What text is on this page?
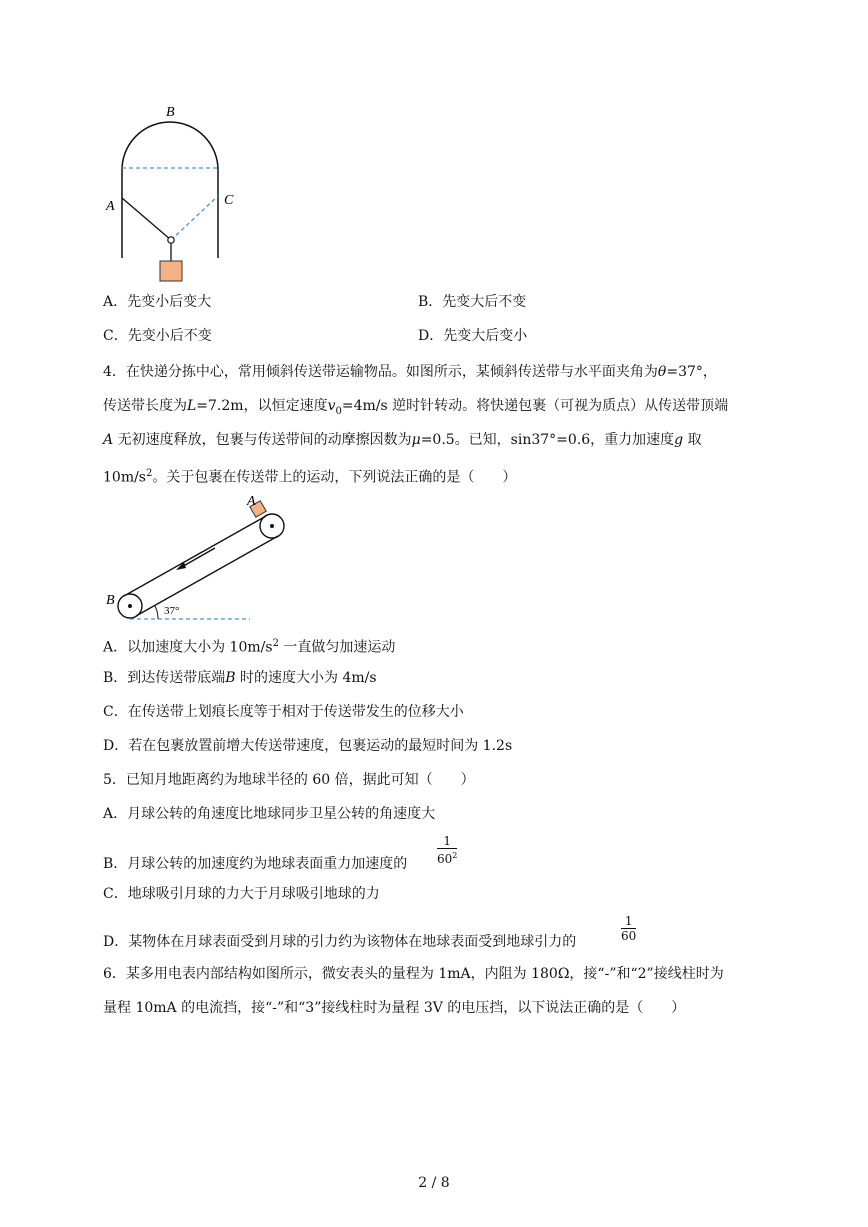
B
A	C
A．先变小后变大	B．先变大后不变
C．先变小后不变	D．先变大后变小
4．在快递分拣中心，常用倾斜传送带运输物品。如图所示，某倾斜传送带与水平面夹角为θ=37°，
传送带长度为L=7.2m，以恒定速度$v_0=4m/s$ 逆时针转动。将快递包裹（可视为质点）从传送带顶端
A 无初速度释放，包裹与传送带间的动摩擦因数为μ=0.5。已知，sin37°=0.6，重力加速度g 取
$10m/s^2$。关于包裹在传送带上的运动，下列说法正确的是（　　）
37°
A
B
A．以加速度大小为 $10m/s^2$ 一直做匀加速运动
B．到达传送带底端B 时的速度大小为 4m/s
C．在传送带上划痕长度等于相对于传送带发生的位移大小
D．若在包裹放置前增大传送带速度，包裹运动的最短时间为 1.2s
5．已知月地距离约为地球半径的 60 倍，据此可知（　　）
A．月球公转的角速度比地球同步卫星公转的角速度大
B．月球公转的加速度约为地球表面重力加速度的 $\frac{1}{60^2}$
C．地球吸引月球的力大于月球吸引地球的力
D．某物体在月球表面受到月球的引力约为该物体在地球表面受到地球引力的	$\frac{1}{60}$
6．某多用电表内部结构如图所示，微安表头的量程为 1mA，内阻为 180Ω，接“-”和“2”接线柱时为
量程 10mA 的电流挡，接“-”和“3”接线柱时为量程 3V 的电压挡，以下说法正确的是（　　）
2 / 8
